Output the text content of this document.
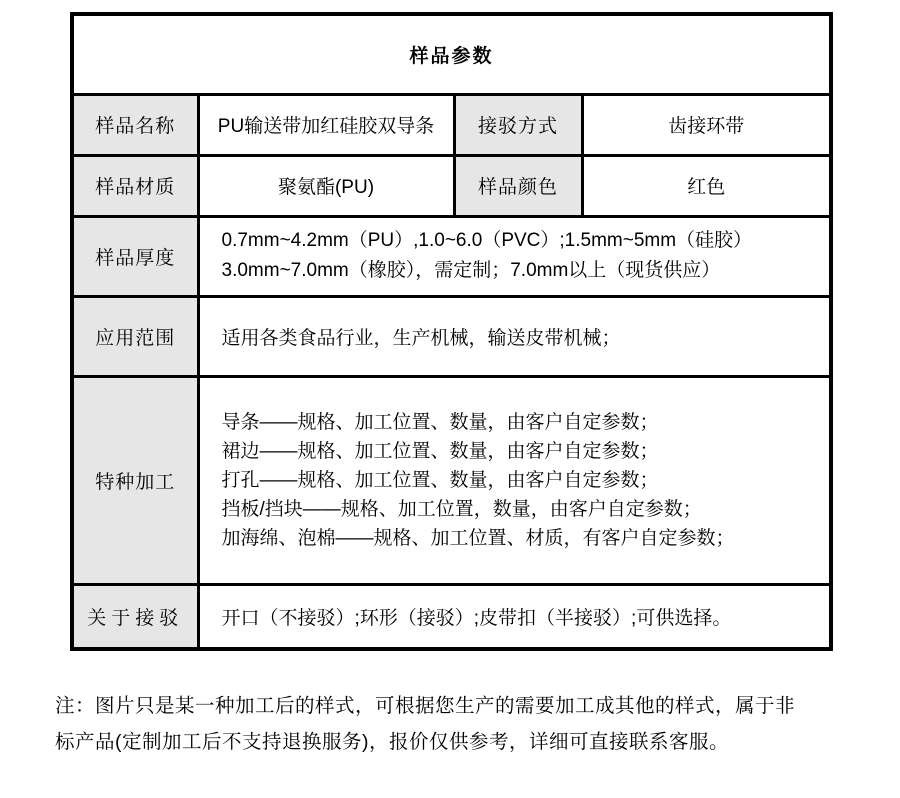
样品参数			
样品名称	PU输送带加红硅胶双导条	接驳方式	齿接环带
样品材质	聚氨酯(PU)	样品颜色	红色
样品厚度	0.7mm~4.2mm（PU）,1.0~6.0（PVC）;1.5mm~5mm（硅胶）
3.0mm~7.0mm（橡胶），需定制；7.0mm以上（现货供应）		

应用范围	适用各类食品行业，生产机械，输送皮带机械；		
特种加工	导条——规格、加工位置、数量，由客户自定参数；
裙边——规格、加工位置、数量，由客户自定参数；
打孔——规格、加工位置、数量，由客户自定参数；
挡板/挡块——规格、加工位置，数量，由客户自定参数；
加海绵、泡棉——规格、加工位置、材质，有客户自定参数；		

关于接驳	开口（不接驳）;环形（接驳）;皮带扣（半接驳）;可供选择。		
注：图片只是某一种加工后的样式，可根据您生产的需要加工成其他的样式，属于非
标产品(定制加工后不支持退换服务)，报价仅供参考，详细可直接联系客服。
